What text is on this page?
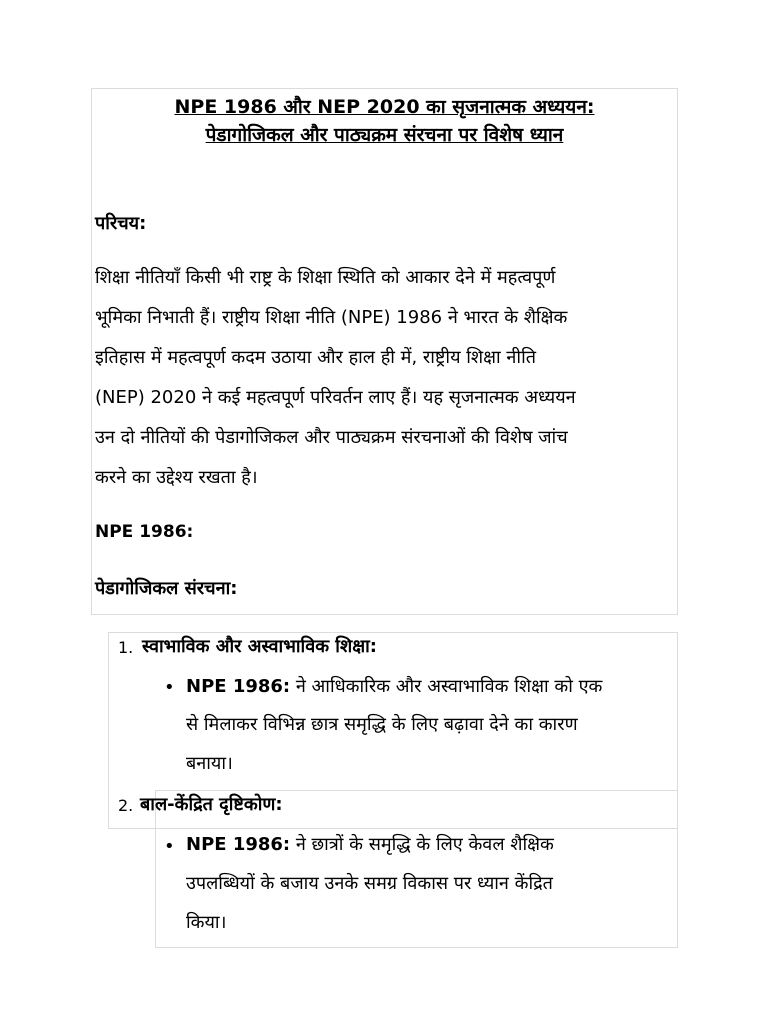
NPE 1986 और NEP 2020 का सृजनात्मक अध्ययन:
पेडागोजिकल और पाठ्यक्रम संरचना पर विशेष ध्यान
परिचय:
शिक्षा नीतियाँ किसी भी राष्ट्र के शिक्षा स्थिति को आकार देने में महत्वपूर्ण
भूमिका निभाती हैं। राष्ट्रीय शिक्षा नीति (NPE) 1986 ने भारत के शैक्षिक
इतिहास में महत्वपूर्ण कदम उठाया और हाल ही में, राष्ट्रीय शिक्षा नीति
(NEP) 2020 ने कई महत्वपूर्ण परिवर्तन लाए हैं। यह सृजनात्मक अध्ययन
उन दो नीतियों की पेडागोजिकल और पाठ्यक्रम संरचनाओं की विशेष जांच
करने का उद्देश्य रखता है।
NPE 1986:
पेडागोजिकल संरचना:
1. स्वाभाविक और अस्वाभाविक शिक्षा:
• NPE 1986: ने आधिकारिक और अस्वाभाविक शिक्षा को एक
से मिलाकर विभिन्न छात्र समृद्धि के लिए बढ़ावा देने का कारण
बनाया।
2. बाल-केंद्रित दृष्टिकोण:
• NPE 1986: ने छात्रों के समृद्धि के लिए केवल शैक्षिक
उपलब्धियों के बजाय उनके समग्र विकास पर ध्यान केंद्रित
किया।
